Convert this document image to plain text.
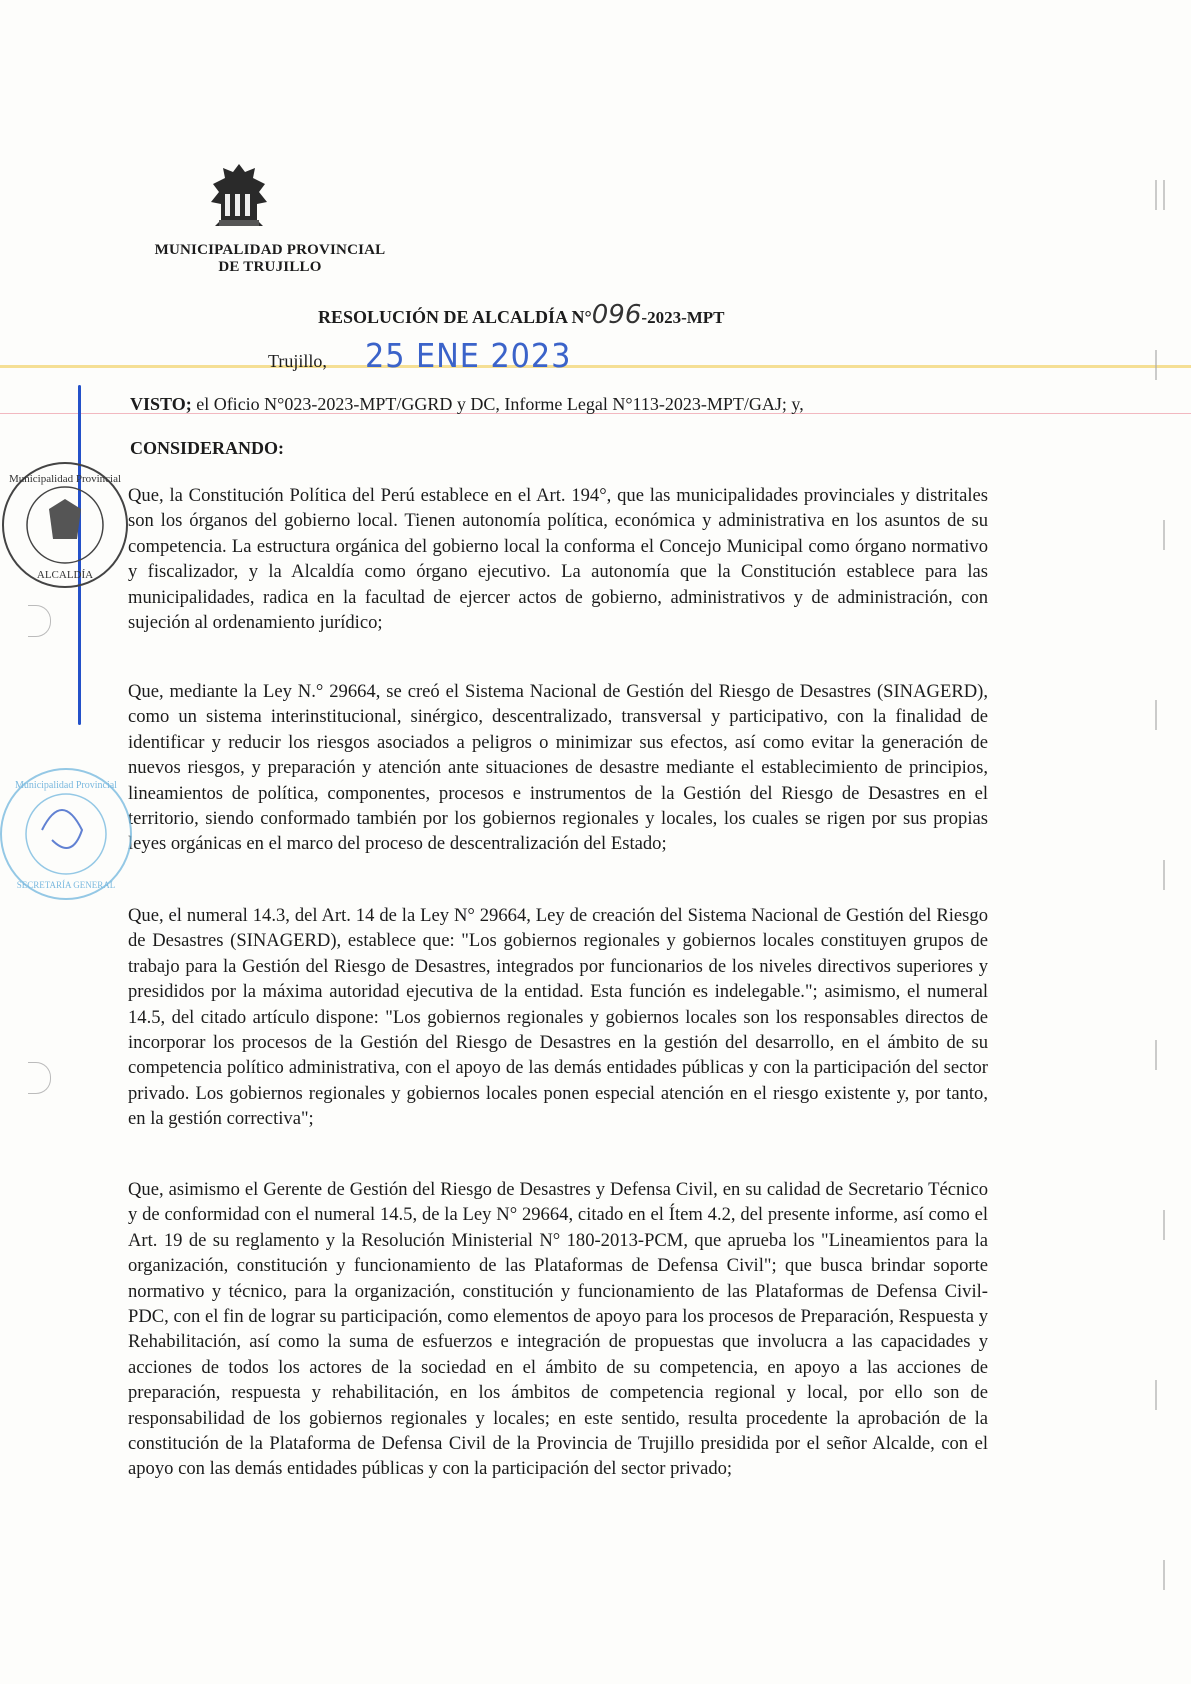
MUNICIPALIDAD PROVINCIAL
DE TRUJILLO
RESOLUCIÓN DE ALCALDÍA N°096-2023-MPT
Trujillo, 25 ENE 2023
VISTO; el Oficio N°023-2023-MPT/GGRD y DC, Informe Legal N°113-2023-MPT/GAJ; y,
CONSIDERANDO:
Que, la Constitución Política del Perú establece en el Art. 194°, que las municipalidades provinciales y distritales son los órganos del gobierno local. Tienen autonomía política, económica y administrativa en los asuntos de su competencia. La estructura orgánica del gobierno local la conforma el Concejo Municipal como órgano normativo y fiscalizador, y la Alcaldía como órgano ejecutivo. La autonomía que la Constitución establece para las municipalidades, radica en la facultad de ejercer actos de gobierno, administrativos y de administración, con sujeción al ordenamiento jurídico;
Que, mediante la Ley N.° 29664, se creó el Sistema Nacional de Gestión del Riesgo de Desastres (SINAGERD), como un sistema interinstitucional, sinérgico, descentralizado, transversal y participativo, con la finalidad de identificar y reducir los riesgos asociados a peligros o minimizar sus efectos, así como evitar la generación de nuevos riesgos, y preparación y atención ante situaciones de desastre mediante el establecimiento de principios, lineamientos de política, componentes, procesos e instrumentos de la Gestión del Riesgo de Desastres en el territorio, siendo conformado también por los gobiernos regionales y locales, los cuales se rigen por sus propias leyes orgánicas en el marco del proceso de descentralización del Estado;
Que, el numeral 14.3, del Art. 14 de la Ley N° 29664, Ley de creación del Sistema Nacional de Gestión del Riesgo de Desastres (SINAGERD), establece que: "Los gobiernos regionales y gobiernos locales constituyen grupos de trabajo para la Gestión del Riesgo de Desastres, integrados por funcionarios de los niveles directivos superiores y presididos por la máxima autoridad ejecutiva de la entidad. Esta función es indelegable."; asimismo, el numeral 14.5, del citado artículo dispone: "Los gobiernos regionales y gobiernos locales son los responsables directos de incorporar los procesos de la Gestión del Riesgo de Desastres en la gestión del desarrollo, en el ámbito de su competencia político administrativa, con el apoyo de las demás entidades públicas y con la participación del sector privado. Los gobiernos regionales y gobiernos locales ponen especial atención en el riesgo existente y, por tanto, en la gestión correctiva";
Que, asimismo el Gerente de Gestión del Riesgo de Desastres y Defensa Civil, en su calidad de Secretario Técnico y de conformidad con el numeral 14.5, de la Ley N° 29664, citado en el Ítem 4.2, del presente informe, así como el Art. 19 de su reglamento y la Resolución Ministerial N° 180-2013-PCM, que aprueba los "Lineamientos para la organización, constitución y funcionamiento de las Plataformas de Defensa Civil"; que busca brindar soporte normativo y técnico, para la organización, constitución y funcionamiento de las Plataformas de Defensa Civil-PDC, con el fin de lograr su participación, como elementos de apoyo para los procesos de Preparación, Respuesta y Rehabilitación, así como la suma de esfuerzos e integración de propuestas que involucra a las capacidades y acciones de todos los actores de la sociedad en el ámbito de su competencia, en apoyo a las acciones de preparación, respuesta y rehabilitación, en los ámbitos de competencia regional y local, por ello son de responsabilidad de los gobiernos regionales y locales; en este sentido, resulta procedente la aprobación de la constitución de la Plataforma de Defensa Civil de la Provincia de Trujillo presidida por el señor Alcalde, con el apoyo con las demás entidades públicas y con la participación del sector privado;
Municipalidad Provincial
ALCALDÍA
Municipalidad Provincial
SECRETARÍA GENERAL
